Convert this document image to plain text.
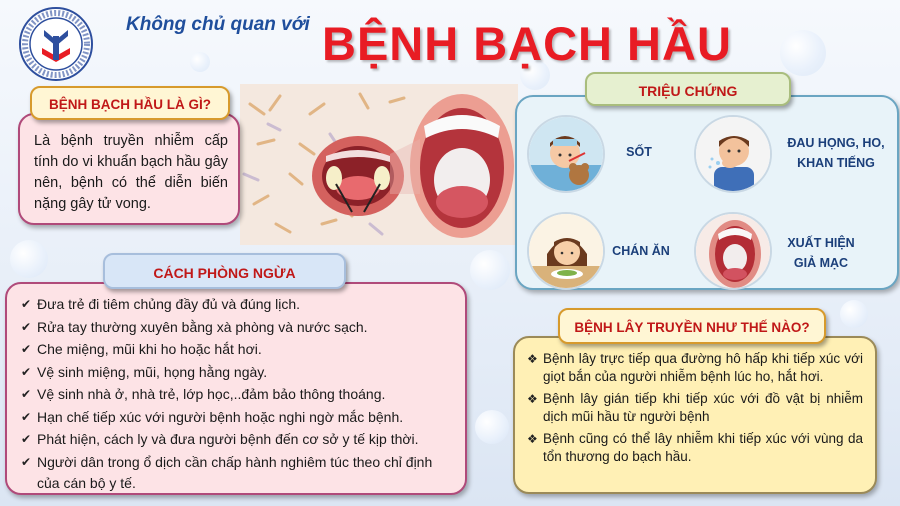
Không chủ quan với BỆNH BẠCH HẦU

Là bệnh truyền nhiễm cấp tính do vi khuẩn bạch hầu gây nên, bệnh có thể diễn biến nặng gây tử vong.

BỆNH BẠCH HẦU LÀ GÌ?
✔ Đưa trẻ đi tiêm chủng đầy đủ và đúng lịch.
✔ Rửa tay thường xuyên bằng xà phòng và nước sạch.
✔ Che miệng, mũi khi ho hoặc hắt hơi.
✔ Vệ sinh miệng, mũi, họng hằng ngày.
✔ Vệ sinh nhà ở, nhà trẻ, lớp học,..đảm bảo thông thoáng.
✔ Hạn chế tiếp xúc với người bệnh hoặc nghi ngờ mắc bệnh.
✔ Phát hiện, cách ly và đưa người bệnh đến cơ sở y tế kịp thời.
✔ Người dân trong ổ dịch cần chấp hành nghiêm túc theo chỉ định của cán bộ y tế.
CÁCH PHÒNG NGỪA
SỐT
ĐAU HỌNG, HO, KHAN TIẾNG
CHÁN ĂN
XUẤT HIỆN GIẢ MẠC
TRIỆU CHỨNG
❖ Bệnh lây trực tiếp qua đường hô hấp khi tiếp xúc với giọt bắn của người nhiễm bệnh lúc ho, hắt hơi.
❖ Bệnh lây gián tiếp khi tiếp xúc với đồ vật bị nhiễm dịch mũi hầu từ người bệnh
❖ Bệnh cũng có thể lây nhiễm khi tiếp xúc với vùng da tổn thương do bạch hầu.
BỆNH LÂY TRUYỀN NHƯ THẾ NÀO?
